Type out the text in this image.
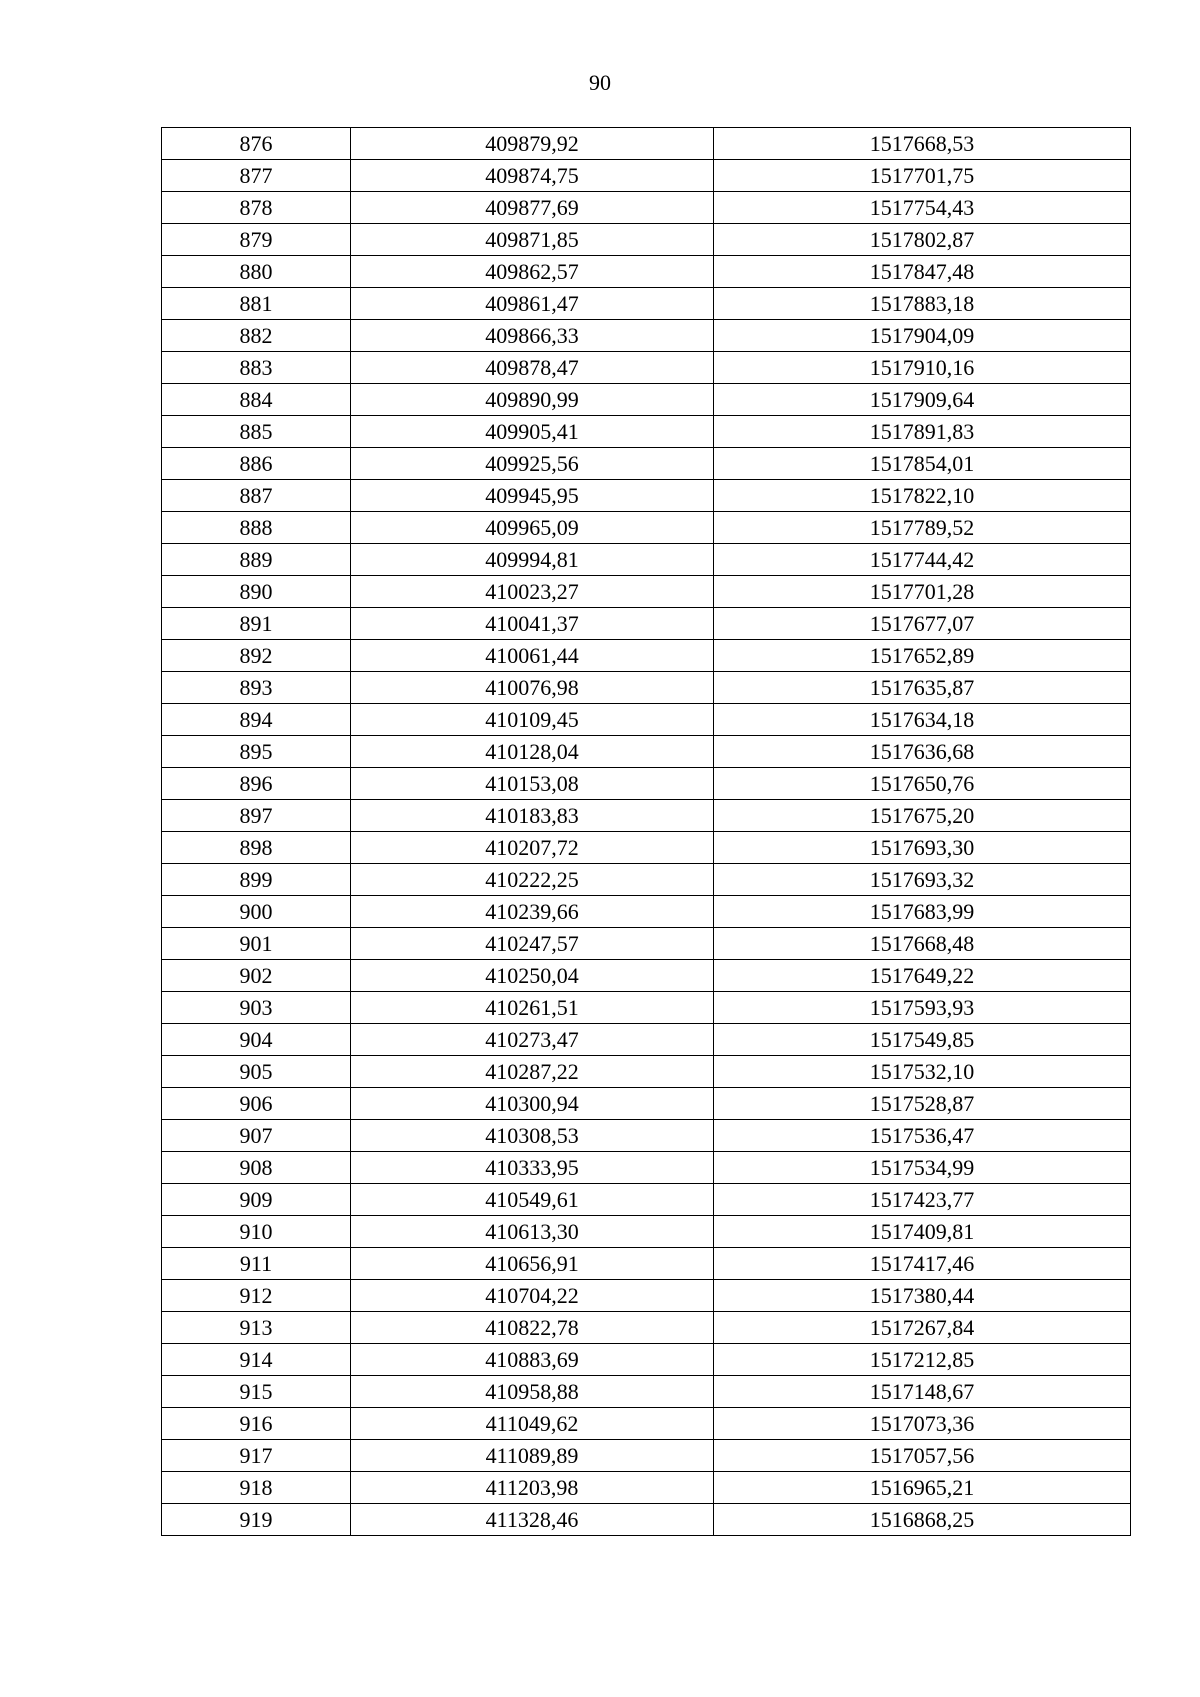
90
876	409879,92	1517668,53
877	409874,75	1517701,75
878	409877,69	1517754,43
879	409871,85	1517802,87
880	409862,57	1517847,48
881	409861,47	1517883,18
882	409866,33	1517904,09
883	409878,47	1517910,16
884	409890,99	1517909,64
885	409905,41	1517891,83
886	409925,56	1517854,01
887	409945,95	1517822,10
888	409965,09	1517789,52
889	409994,81	1517744,42
890	410023,27	1517701,28
891	410041,37	1517677,07
892	410061,44	1517652,89
893	410076,98	1517635,87
894	410109,45	1517634,18
895	410128,04	1517636,68
896	410153,08	1517650,76
897	410183,83	1517675,20
898	410207,72	1517693,30
899	410222,25	1517693,32
900	410239,66	1517683,99
901	410247,57	1517668,48
902	410250,04	1517649,22
903	410261,51	1517593,93
904	410273,47	1517549,85
905	410287,22	1517532,10
906	410300,94	1517528,87
907	410308,53	1517536,47
908	410333,95	1517534,99
909	410549,61	1517423,77
910	410613,30	1517409,81
911	410656,91	1517417,46
912	410704,22	1517380,44
913	410822,78	1517267,84
914	410883,69	1517212,85
915	410958,88	1517148,67
916	411049,62	1517073,36
917	411089,89	1517057,56
918	411203,98	1516965,21
919	411328,46	1516868,25
